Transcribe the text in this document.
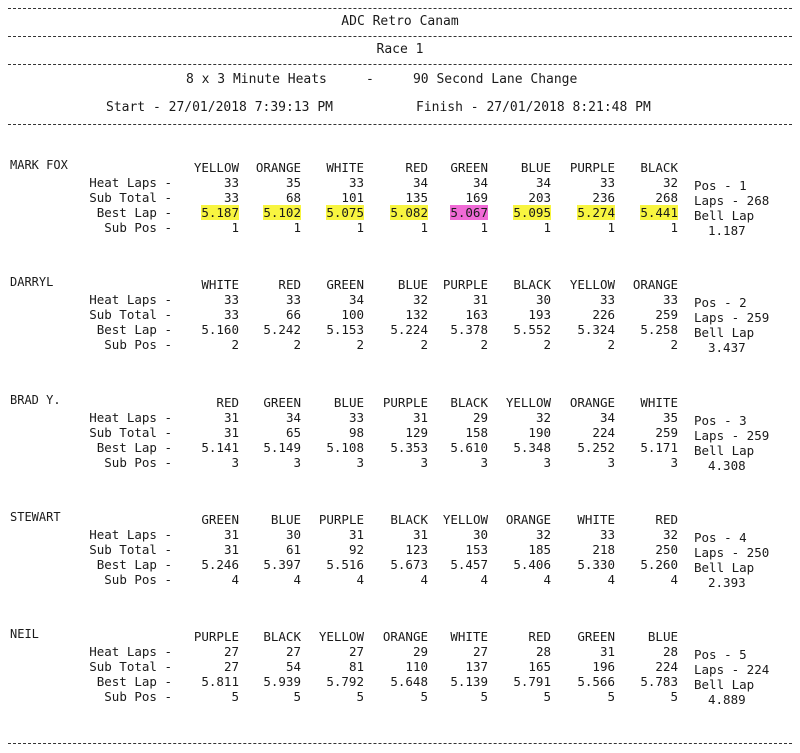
ADC Retro Canam
Race 1
8 x 3 Minute Heats     -     90 Second Lane Change
Start - 27/01/2018 7:39:13 PM	Finish - 27/01/2018 8:21:48 PM
MARK FOX	YELLOW ORANGE WHITE	RED GREEN	BLUE PURPLE BLACK
Heat Laps -	33	35	33	34	34	34	33	32
Sub Total -	33	68	101	135	169	203	236	268
Best Lap - 5.187 5.102 5.075 5.082 5.067 5.095 5.274 5.441
Sub Pos -	1	1	1	1	1	1	1	1
Pos - 1
Laps - 268
Bell Lap
1.187
DARRYL	WHITE	RED GREEN	BLUE PURPLE BLACK YELLOW ORANGE
Heat Laps -	33	33	34	32	31	30	33	33
Sub Total -	33	66	100	132	163	193	226	259
Best Lap - 5.160 5.242 5.153 5.224 5.378 5.552 5.324 5.258
Sub Pos -	2	2	2	2	2	2	2	2
Pos - 2
Laps - 259
Bell Lap
3.437
BRAD Y.	RED GREEN	BLUE PURPLE BLACK YELLOW ORANGE WHITE
Heat Laps -	31	34	33	31	29	32	34	35
Sub Total -	31	65	98	129	158	190	224	259
Best Lap - 5.141 5.149 5.108 5.353 5.610 5.348 5.252 5.171
Sub Pos -	3	3	3	3	3	3	3	3
Pos - 3
Laps - 259
Bell Lap
4.308
STEWART	GREEN	BLUE PURPLE BLACK YELLOW ORANGE WHITE	RED
Heat Laps -	31	30	31	31	30	32	33	32
Sub Total -	31	61	92	123	153	185	218	250
Best Lap - 5.246 5.397 5.516 5.673 5.457 5.406 5.330 5.260
Sub Pos -	4	4	4	4	4	4	4	4
Pos - 4
Laps - 250
Bell Lap
2.393
NEIL	PURPLE BLACK YELLOW ORANGE WHITE	RED GREEN	BLUE
Heat Laps -	27	27	27	29	27	28	31	28
Sub Total -	27	54	81	110	137	165	196	224
Best Lap - 5.811 5.939 5.792 5.648 5.139 5.791 5.566 5.783
Sub Pos -	5	5	5	5	5	5	5	5
Pos - 5
Laps - 224
Bell Lap
4.889
